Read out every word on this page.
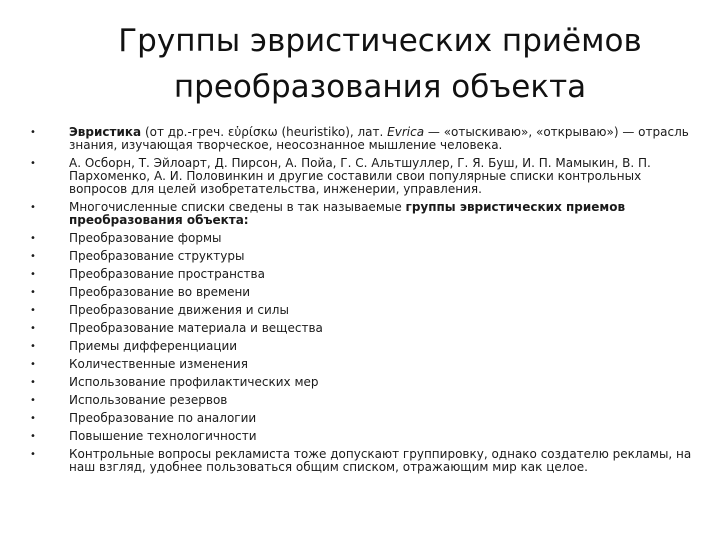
Группы эвристических приёмов
преобразования объекта
•	Эвристика (от др.-греч. εὑρίσκω (heuristiko), лат. Evrica — «отыскиваю», «открываю») — отрасль знания, изучающая творческое, неосознанное мышление человека.
•	А. Осборн, Т. Эйлоарт, Д. Пирсон, А. Пойа, Г. С. Альтшуллер, Г. Я. Буш, И. П. Мамыкин, В. П. Пархоменко, А. И. Половинкин и другие составили свои популярные списки контрольных вопросов для целей изобретательства, инженерии, управления.
•	Многочисленные списки сведены в так называемые группы эвристических приемов преобразования объекта:
•	Преобразование формы
•	Преобразование структуры
•	Преобразование пространства
•	Преобразование во времени
•	Преобразование движения и силы
•	Преобразование материала и вещества
•	Приемы дифференциации
•	Количественные изменения
•	Использование профилактических мер
•	Использование резервов
•	Преобразование по аналогии
•	Повышение технологичности
•	Контрольные вопросы рекламиста тоже допускают группировку, однако создателю рекламы, на наш взгляд, удобнее пользоваться общим списком, отражающим мир как целое.
